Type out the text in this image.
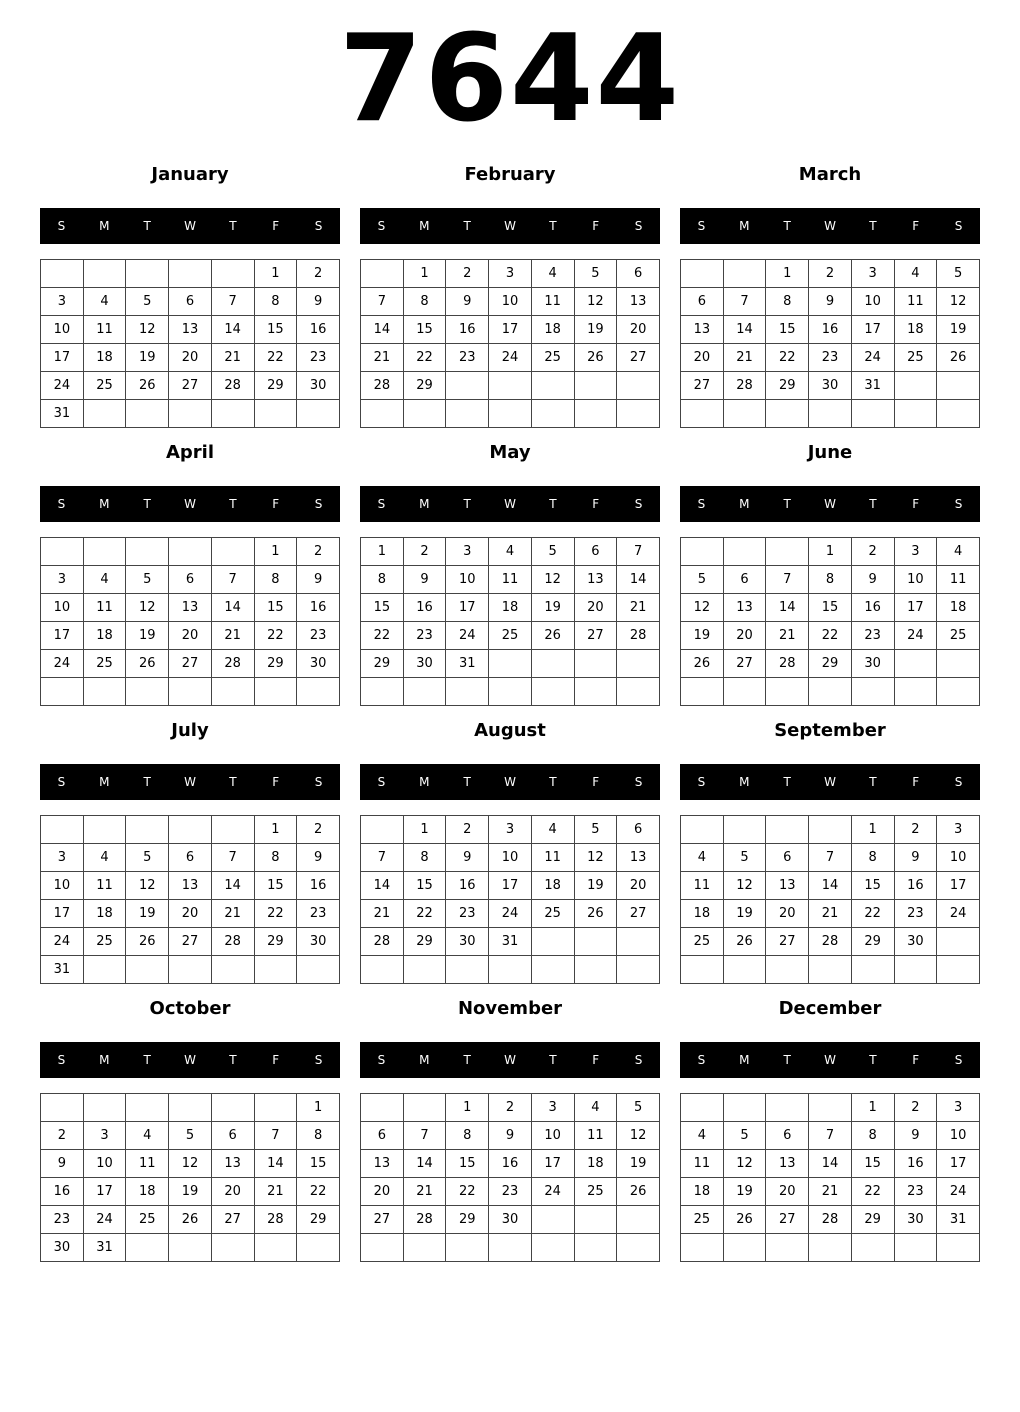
7644
January
S	M	T	W	T	F	S
					1	2
3	4	5	6	7	8	9
10	11	12	13	14	15	16
17	18	19	20	21	22	23
24	25	26	27	28	29	30
31						
February
S	M	T	W	T	F	S
	1	2	3	4	5	6
7	8	9	10	11	12	13
14	15	16	17	18	19	20
21	22	23	24	25	26	27
28	29					

March
S	M	T	W	T	F	S
		1	2	3	4	5
6	7	8	9	10	11	12
13	14	15	16	17	18	19
20	21	22	23	24	25	26
27	28	29	30	31		

April
S	M	T	W	T	F	S
					1	2
3	4	5	6	7	8	9
10	11	12	13	14	15	16
17	18	19	20	21	22	23
24	25	26	27	28	29	30

May
S	M	T	W	T	F	S
1	2	3	4	5	6	7
8	9	10	11	12	13	14
15	16	17	18	19	20	21
22	23	24	25	26	27	28
29	30	31				

June
S	M	T	W	T	F	S
			1	2	3	4
5	6	7	8	9	10	11
12	13	14	15	16	17	18
19	20	21	22	23	24	25
26	27	28	29	30		

July
S	M	T	W	T	F	S
					1	2
3	4	5	6	7	8	9
10	11	12	13	14	15	16
17	18	19	20	21	22	23
24	25	26	27	28	29	30
31						
August
S	M	T	W	T	F	S
	1	2	3	4	5	6
7	8	9	10	11	12	13
14	15	16	17	18	19	20
21	22	23	24	25	26	27
28	29	30	31			

September
S	M	T	W	T	F	S
				1	2	3
4	5	6	7	8	9	10
11	12	13	14	15	16	17
18	19	20	21	22	23	24
25	26	27	28	29	30	

October
S	M	T	W	T	F	S
						1
2	3	4	5	6	7	8
9	10	11	12	13	14	15
16	17	18	19	20	21	22
23	24	25	26	27	28	29
30	31					
November
S	M	T	W	T	F	S
		1	2	3	4	5
6	7	8	9	10	11	12
13	14	15	16	17	18	19
20	21	22	23	24	25	26
27	28	29	30			

December
S	M	T	W	T	F	S
				1	2	3
4	5	6	7	8	9	10
11	12	13	14	15	16	17
18	19	20	21	22	23	24
25	26	27	28	29	30	31
